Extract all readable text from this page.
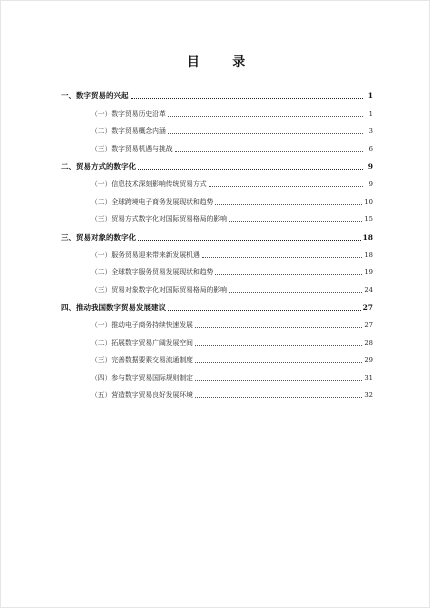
目 录
一、数字贸易的兴起	1
（一）数字贸易历史沿革	1
（二）数字贸易概念内涵	3
（三）数字贸易机遇与挑战	6
二、贸易方式的数字化	9
（一）信息技术深刻影响传统贸易方式	9
（二）全球跨境电子商务发展现状和趋势	10
（三）贸易方式数字化对国际贸易格局的影响	15
三、贸易对象的数字化	18
（一）服务贸易迎来带来新发展机遇	18
（二）全球数字服务贸易发展现状和趋势	19
（三）贸易对象数字化对国际贸易格局的影响	24
四、推动我国数字贸易发展建议	27
（一）推动电子商务持续快速发展	27
（二）拓展数字贸易广阔发展空间	28
（三）完善数据要素交易流通制度	29
（四）参与数字贸易国际规则制定	31
（五）营造数字贸易良好发展环境	32
